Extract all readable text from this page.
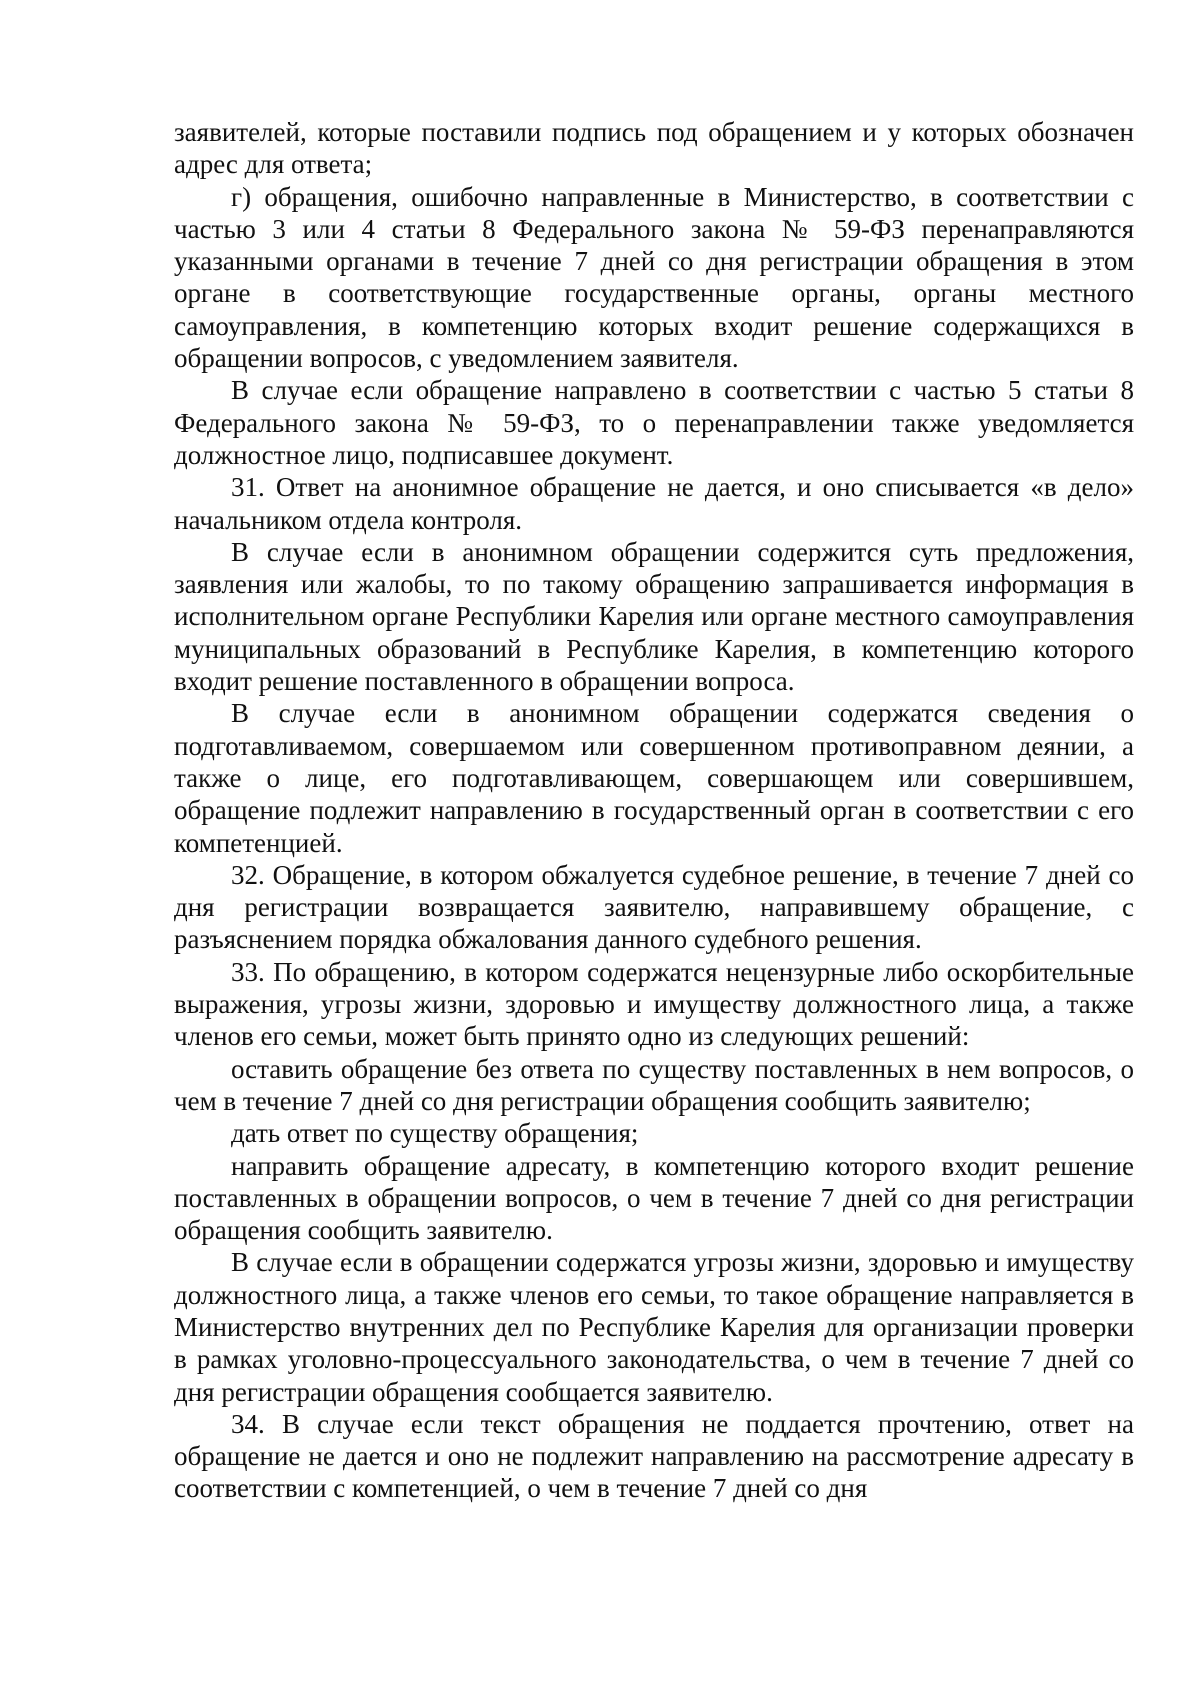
заявителей, которые поставили подпись под обращением и у которых обозначен адрес для ответа;

г) обращения, ошибочно направленные в Министерство, в соответствии с частью 3 или 4 статьи 8 Федерального закона № 59-ФЗ перенаправляются указанными органами в течение 7 дней со дня регистрации обращения в этом органе в соответствующие государственные органы, органы местного самоуправления, в компетенцию которых входит решение содержащихся в обращении вопросов, с уведомлением заявителя.

В случае если обращение направлено в соответствии с частью 5 статьи 8 Федерального закона № 59-ФЗ, то о перенаправлении также уведомляется должностное лицо, подписавшее документ.

31. Ответ на анонимное обращение не дается, и оно списывается «в дело» начальником отдела контроля.

В случае если в анонимном обращении содержится суть предложения, заявления или жалобы, то по такому обращению запрашивается информация в исполнительном органе Республики Карелия или органе местного самоуправления муниципальных образований в Республике Карелия, в компетенцию которого входит решение поставленного в обращении вопроса.

В случае если в анонимном обращении содержатся сведения о подготавливаемом, совершаемом или совершенном противоправном деянии, а также о лице, его подготавливающем, совершающем или совершившем, обращение подлежит направлению в государственный орган в соответствии с его компетенцией.

32. Обращение, в котором обжалуется судебное решение, в течение 7 дней со дня регистрации возвращается заявителю, направившему обращение, с разъяснением порядка обжалования данного судебного решения.

33. По обращению, в котором содержатся нецензурные либо оскорбительные выражения, угрозы жизни, здоровью и имуществу должностного лица, а также членов его семьи, может быть принято одно из следующих решений:

оставить обращение без ответа по существу поставленных в нем вопросов, о чем в течение 7 дней со дня регистрации обращения сообщить заявителю;

дать ответ по существу обращения;

направить обращение адресату, в компетенцию которого входит решение поставленных в обращении вопросов, о чем в течение 7 дней со дня регистрации обращения сообщить заявителю.

В случае если в обращении содержатся угрозы жизни, здоровью и имуществу должностного лица, а также членов его семьи, то такое обращение направляется в Министерство внутренних дел по Республике Карелия для организации проверки в рамках уголовно-процессуального законодательства, о чем в течение 7 дней со дня регистрации обращения сообщается заявителю.

34. В случае если текст обращения не поддается прочтению, ответ на обращение не дается и оно не подлежит направлению на рассмотрение адресату в соответствии с компетенцией, о чем в течение 7 дней со дня
